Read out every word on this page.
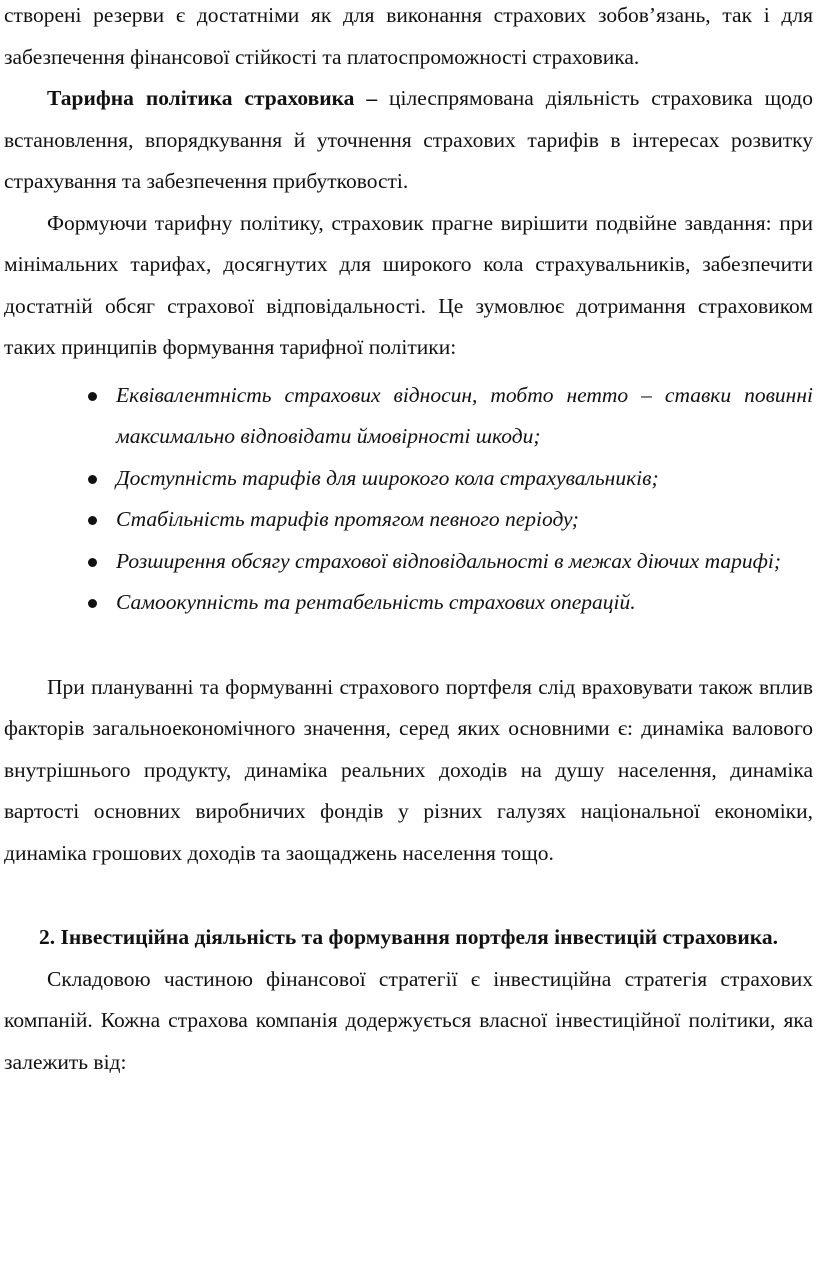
створені резерви є достатніми як для виконання страхових зобов’язань, так і для забезпечення фінансової стійкості та платоспроможності страховика.

Тарифна політика страховика – цілеспрямована діяльність страховика щодо встановлення, впорядкування й уточнення страхових тарифів в інтересах розвитку страхування та забезпечення прибутковості.

Формуючи тарифну політику, страховик прагне вирішити подвійне завдання: при мінімальних тарифах, досягнутих для широкого кола страхувальників, забезпечити достатній обсяг страхової відповідальності. Це зумовлює дотримання страховиком таких принципів формування тарифної політики:

Еквівалентність страхових відносин, тобто нетто – ставки повинні максимально відповідати ймовірності шкоди;
Доступність тарифів для широкого кола страхувальників;
Стабільність тарифів протягом певного періоду;
Розширення обсягу страхової відповідальності в межах діючих тарифі;
Самоокупність та рентабельність страхових операцій.

При плануванні та формуванні страхового портфеля слід враховувати також вплив факторів загальноекономічного значення, серед яких основними є: динаміка валового внутрішнього продукту, динаміка реальних доходів на душу населення, динаміка вартості основних виробничих фондів у різних галузях національної економіки, динаміка грошових доходів та заощаджень населення тощо.

2. Інвестиційна діяльність та формування портфеля інвестицій страховика.

Складовою частиною фінансової стратегії є інвестиційна стратегія страхових компаній. Кожна страхова компанія додержується власної інвестиційної політики, яка залежить від:
